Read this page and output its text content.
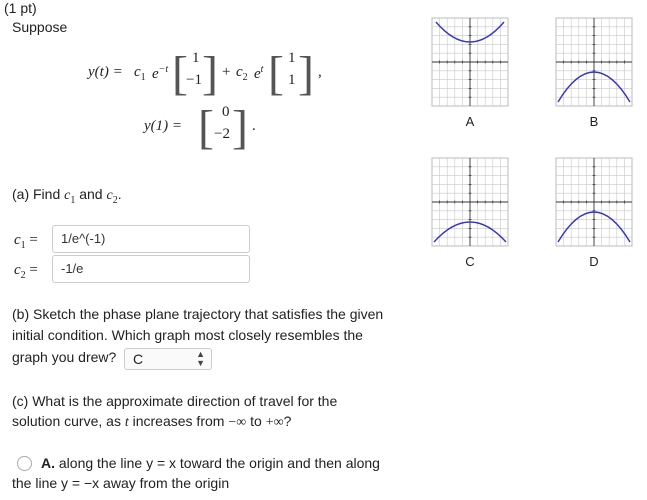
(1 pt)
Suppose
$y(t) = c_1$ $e^{-t}$ [ 1
−1 ] + $c_2$ $e^t$ [ 1
1 ] ,
y(1) = [ 0
−2 ] .
(a) Find $c_1$ and $c_2$.
$c_1$ =	1/e^(-1)
$c_2$ =	-1/e
(b) Sketch the phase plane trajectory that satisfies the given
initial condition. Which graph most closely resembles the
graph you drew?	C	▲
▼
(c) What is the approximate direction of travel for the
solution curve, as t increases from −∞ to +∞?
A. along the line y = x toward the origin and then along
the line y = −x away from the origin
A	B
C	D
